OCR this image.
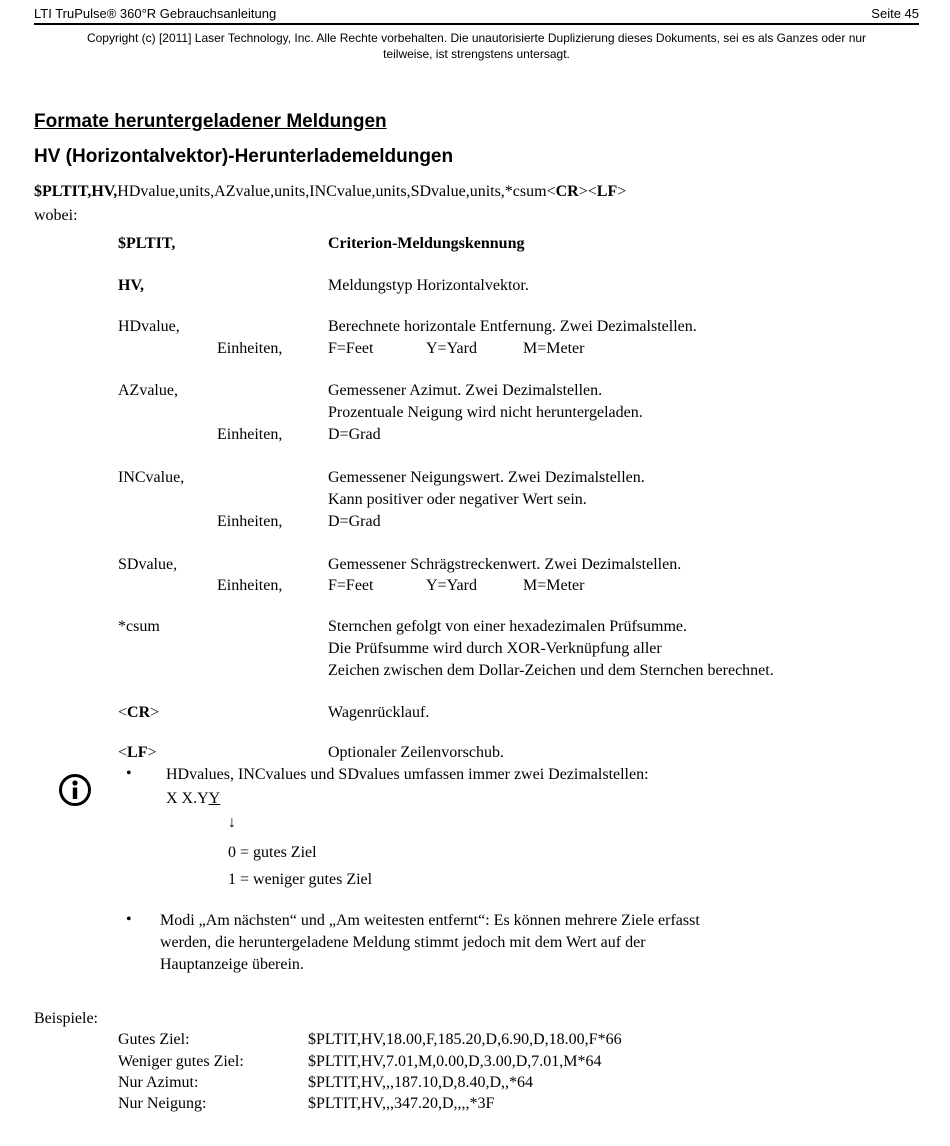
LTI TruPulse® 360°R Gebrauchsanleitung	Seite 45
Copyright (c) [2011] Laser Technology, Inc. Alle Rechte vorbehalten. Die unautorisierte Duplizierung dieses Dokuments, sei es als Ganzes oder nur
teilweise, ist strengstens untersagt.
Formate heruntergeladener Meldungen
HV (Horizontalvektor)-Herunterlademeldungen
$PLTIT,HV,HDvalue,units,AZvalue,units,INCvalue,units,SDvalue,units,*csum<CR><LF>
wobei:
$PLTIT,	Criterion-Meldungskennung
HV,	Meldungstyp Horizontalvektor.
HDvalue,	Berechnete horizontale Entfernung. Zwei Dezimalstellen.
Einheiten,	F=Feet	Y=Yard	M=Meter
AZvalue,	Gemessener Azimut. Zwei Dezimalstellen.
Prozentuale Neigung wird nicht heruntergeladen.
Einheiten,	D=Grad
INCvalue,	Gemessener Neigungswert. Zwei Dezimalstellen.
Kann positiver oder negativer Wert sein.
Einheiten,	D=Grad
SDvalue,	Gemessener Schrägstreckenwert. Zwei Dezimalstellen.
Einheiten,	F=Feet	Y=Yard	M=Meter
*csum	Sternchen gefolgt von einer hexadezimalen Prüfsumme.
Die Prüfsumme wird durch XOR-Verknüpfung aller
Zeichen zwischen dem Dollar-Zeichen und dem Sternchen berechnet.
<CR>	Wagenrücklauf.
<LF>	Optionaler Zeilenvorschub.
• HDvalues, INCvalues und SDvalues umfassen immer zwei Dezimalstellen:
X X.YY
↓
0 = gutes Ziel
1 = weniger gutes Ziel
• Modi „Am nächsten“ und „Am weitesten entfernt“: Es können mehrere Ziele erfasst
werden, die heruntergeladene Meldung stimmt jedoch mit dem Wert auf der
Hauptanzeige überein.
Beispiele:
Gutes Ziel:	$PLTIT,HV,18.00,F,185.20,D,6.90,D,18.00,F*66
Weniger gutes Ziel:	$PLTIT,HV,7.01,M,0.00,D,3.00,D,7.01,M*64
Nur Azimut:	$PLTIT,HV,,,187.10,D,8.40,D,,*64
Nur Neigung:	$PLTIT,HV,,,347.20,D,,,,*3F
